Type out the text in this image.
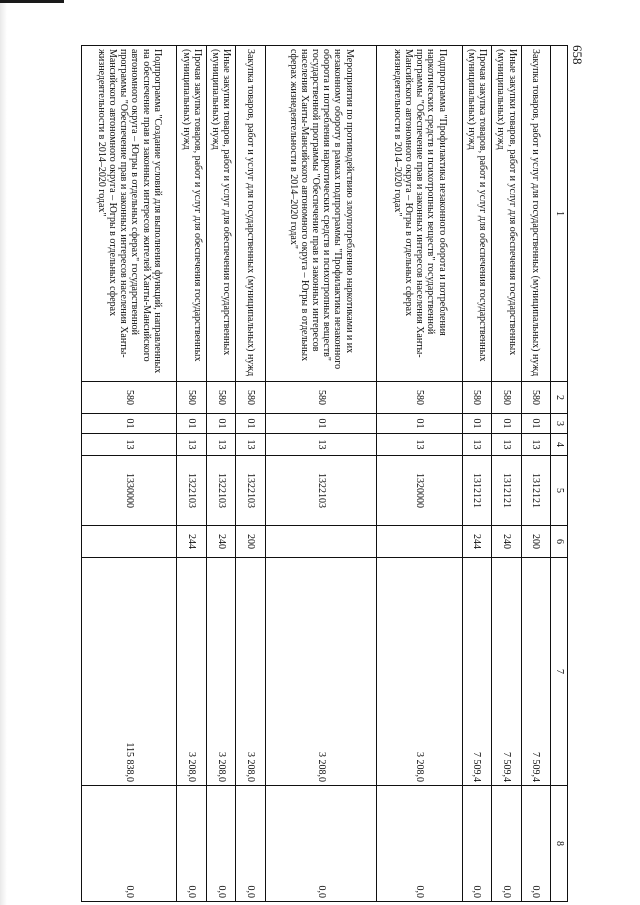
658
1	2	3	4	5	6	7	8
Закупка товаров, работ и услуг для государственных (муниципальных) нужд	580	01	13	1312121	200	7 509,4	0,0
Иные закупки товаров, работ и услуг для обеспечения государственных (муниципальных) нужд	580	01	13	1312121	240	7 509,4	0,0
Прочая закупка товаров, работ и услуг для обеспечения государственных (муниципальных) нужд	580	01	13	1312121	244	7 509,4	0,0
Подпрограмма "Профилактика незаконного оборота и потребления наркотических средств и психотропных веществ" государственной программы "Обеспечение прав и законных интересов населения Ханты-Мансийского автономного округа – Югры в отдельных сферах жизнедеятельности в 2014–2020 годах"	580	01	13	1320000		3 208,0	0,0
Мероприятия по противодействию злоупотреблению наркотиками и их незаконному обороту в рамках подпрограммы "Профилактика незаконного оборота и потребления наркотических средств и психотропных веществ" государственной программы "Обеспечение прав и законных интересов населения Ханты-Мансийского автономного округа – Югры в отдельных сферах жизнедеятельности в 2014–2020 годах"	580	01	13	1322103		3 208,0	0,0
Закупка товаров, работ и услуг для государственных (муниципальных) нужд	580	01	13	1322103	200	3 208,0	0,0
Иные закупки товаров, работ и услуг для обеспечения государственных (муниципальных) нужд	580	01	13	1322103	240	3 208,0	0,0
Прочая закупка товаров, работ и услуг для обеспечения государственных (муниципальных) нужд	580	01	13	1322103	244	3 208,0	0,0
Подпрограмма "Создание условий для выполнения функций, направленных на обеспечение прав и законных интересов жителей Ханты-Мансийского автономного округа – Югры в отдельных сферах" государственной программы "Обеспечение прав и законных интересов населения Ханты-Мансийского автономного округа – Югры в отдельных сферах жизнедеятельности в 2014–2020 годах"	580	01	13	1330000		115 838,0	0,0
